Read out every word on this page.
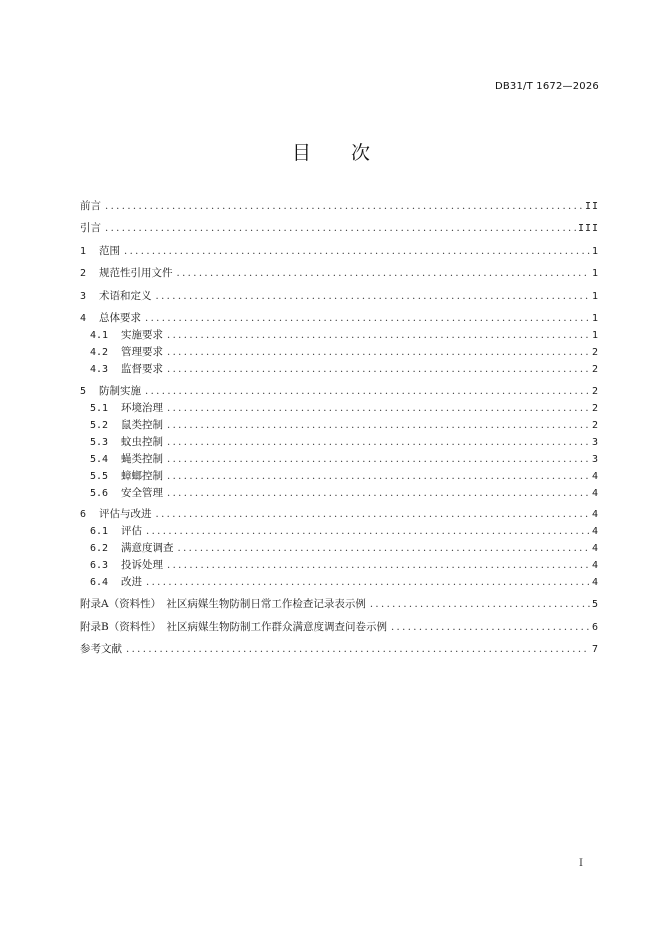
DB31/T 1672—2026
目 次
前言 .....	II
引言 .....	III
1 范围 .....	1
2 规范性引用文件 .....	1
3 术语和定义 .....	1
4 总体要求 .....	1
4.1 实施要求 .....	1
4.2 管理要求 .....	2
4.3 监督要求 .....	2
5 防制实施 .....	2
5.1 环境治理 .....	2
5.2 鼠类控制 .....	2
5.3 蚊虫控制 .....	3
5.4 蝇类控制 .....	3
5.5 蟑螂控制 .....	4
5.6 安全管理 .....	4
6 评估与改进 .....	4
6.1 评估 .....	4
6.2 满意度调查 .....	4
6.3 投诉处理 .....	4
6.4 改进 .....	4
附录A（资料性）　社区病媒生物防制日常工作检查记录表示例 .....	5
附录B（资料性）　社区病媒生物防制工作群众满意度调查问卷示例 .....	6
参考文献 .....	7
I
